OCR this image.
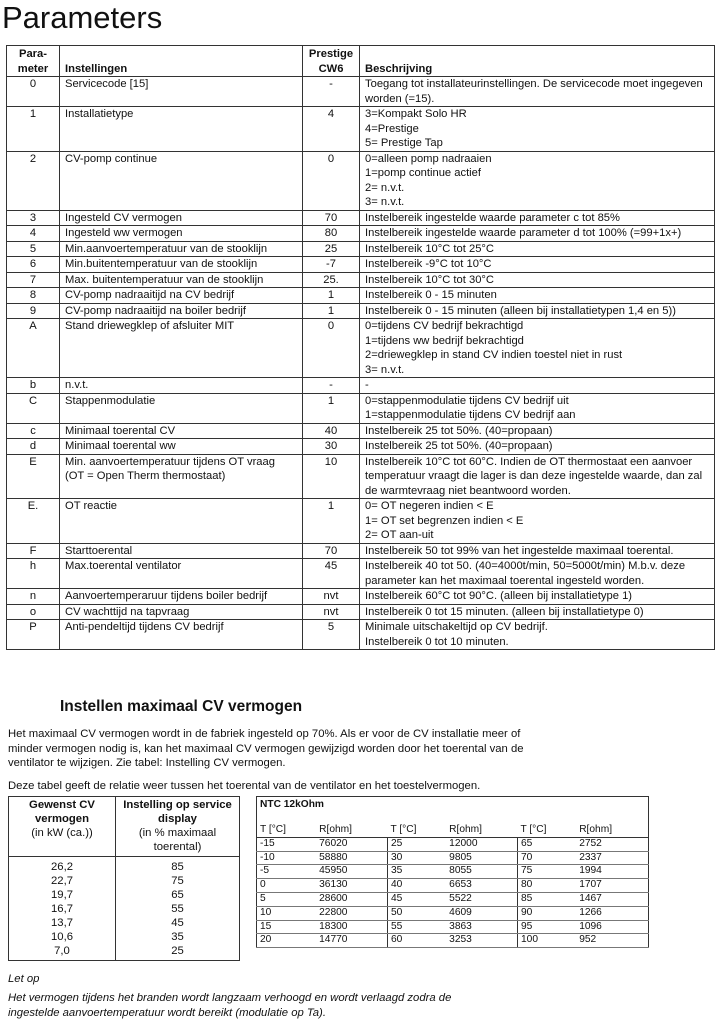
Parameters
Para-
meter	Instellingen	Prestige
CW6	Beschrijving
0	Servicecode [15]	-	Toegang tot installateurinstellingen. De servicecode moet ingegeven worden (=15).
1	Installatietype	4	3=Kompakt Solo HR
4=Prestige
5= Prestige Tap
2	CV-pomp continue	0	0=alleen pomp nadraaien
1=pomp continue actief
2= n.v.t.
3= n.v.t.
3	Ingesteld CV vermogen	70	Instelbereik ingestelde waarde parameter c tot 85%
4	Ingesteld ww vermogen	80	Instelbereik ingestelde waarde parameter d tot 100% (=99+1x+)
5	Min.aanvoertemperatuur van de stooklijn	25	Instelbereik 10°C tot 25°C
6	Min.buitentemperatuur van de stooklijn	-7	Instelbereik -9°C tot 10°C
7	Max. buitentemperatuur van de stooklijn	25.	Instelbereik 10°C tot 30°C
8	CV-pomp nadraaitijd na CV bedrijf	1	Instelbereik 0 - 15 minuten
9	CV-pomp nadraaitijd na boiler bedrijf	1	Instelbereik 0 - 15 minuten (alleen bij installatietypen 1,4 en 5))
A	Stand driewegklep of afsluiter MIT	0	0=tijdens CV bedrijf bekrachtigd
1=tijdens ww bedrijf bekrachtigd
2=driewegklep in stand CV indien toestel niet in rust
3= n.v.t.
b	n.v.t.	-	-
C	Stappenmodulatie	1	0=stappenmodulatie tijdens CV bedrijf uit
1=stappenmodulatie tijdens CV bedrijf aan
c	Minimaal toerental CV	40	Instelbereik 25 tot 50%. (40=propaan)
d	Minimaal toerental ww	30	Instelbereik 25 tot 50%. (40=propaan)
E	Min. aanvoertemperatuur tijdens OT vraag
(OT = Open Therm thermostaat)	10	Instelbereik 10°C tot 60°C. Indien de OT thermostaat een aanvoer temperatuur vraagt die lager is dan deze ingestelde waarde, dan zal de warmtevraag niet beantwoord worden.
E.	OT reactie	1	0= OT negeren indien < E
1= OT set begrenzen indien < E
2= OT aan-uit
F	Starttoerental	70	Instelbereik 50 tot 99% van het ingestelde maximaal toerental.
h	Max.toerental ventilator	45	Instelbereik 40 tot 50. (40=4000t/min, 50=5000t/min) M.b.v. deze parameter kan het maximaal toerental ingesteld worden.
n	Aanvoertemperaruur tijdens boiler bedrijf	nvt	Instelbereik 60°C tot 90°C. (alleen bij installatietype 1)
o	CV wachttijd na tapvraag	nvt	Instelbereik 0 tot 15 minuten. (alleen bij installatietype 0)
P	Anti-pendeltijd tijdens CV bedrijf	5	Minimale uitschakeltijd op CV bedrijf.
Instelbereik 0 tot 10 minuten.
Instellen maximaal CV vermogen
Het maximaal CV vermogen wordt in de fabriek ingesteld op 70%. Als er voor de CV installatie meer of minder vermogen nodig is, kan het maximaal CV vermogen gewijzigd worden door het toerental van de ventilator te wijzigen. Zie tabel: Instelling CV vermogen.
Deze tabel geeft de relatie weer tussen het toerental van de ventilator en het toestelvermogen.
Gewenst CV vermogen
(in kW (ca.))	Instelling op service display
(in % maximaal toerental)
26,2	85
22,7	75
19,7	65
16,7	55
13,7	45
10,6	35
7,0	25
NTC 12kOhm					
T [°C]	R[ohm]	T [°C]	R[ohm]	T [°C]	R[ohm]
-15	76020	25	12000	65	2752
-10	58880	30	9805	70	2337
-5	45950	35	8055	75	1994
0	36130	40	6653	80	1707
5	28600	45	5522	85	1467
10	22800	50	4609	90	1266
15	18300	55	3863	95	1096
20	14770	60	3253	100	952
Let op
Het vermogen tijdens het branden wordt langzaam verhoogd en wordt verlaagd zodra de ingestelde aanvoertemperatuur wordt bereikt (modulatie op Ta).
